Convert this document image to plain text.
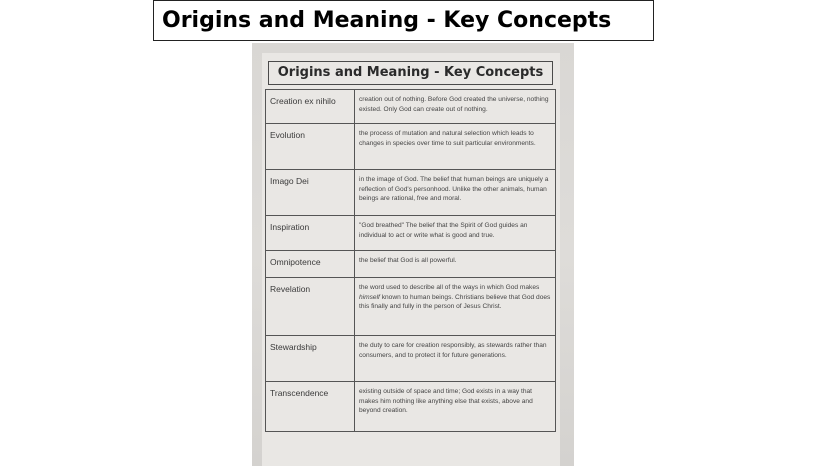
Origins and Meaning - Key Concepts
Origins and Meaning - Key Concepts
Creation ex nihilo	creation out of nothing. Before God created the universe, nothing existed. Only God can create out of nothing.
Evolution	the process of mutation and natural selection which leads to changes in species over time to suit particular environments.
Imago Dei	in the image of God. The belief that human beings are uniquely a reflection of God's personhood. Unlike the other animals, human beings are rational, free and moral.
Inspiration	"God breathed" The belief that the Spirit of God guides an individual to act or write what is good and true.
Omnipotence	the belief that God is all powerful.
Revelation	the word used to describe all of the ways in which God makes himself known to human beings. Christians believe that God does this finally and fully in the person of Jesus Christ.
Stewardship	the duty to care for creation responsibly, as stewards rather than consumers, and to protect it for future generations.
Transcendence	existing outside of space and time; God exists in a way that makes him nothing like anything else that exists, above and beyond creation.
